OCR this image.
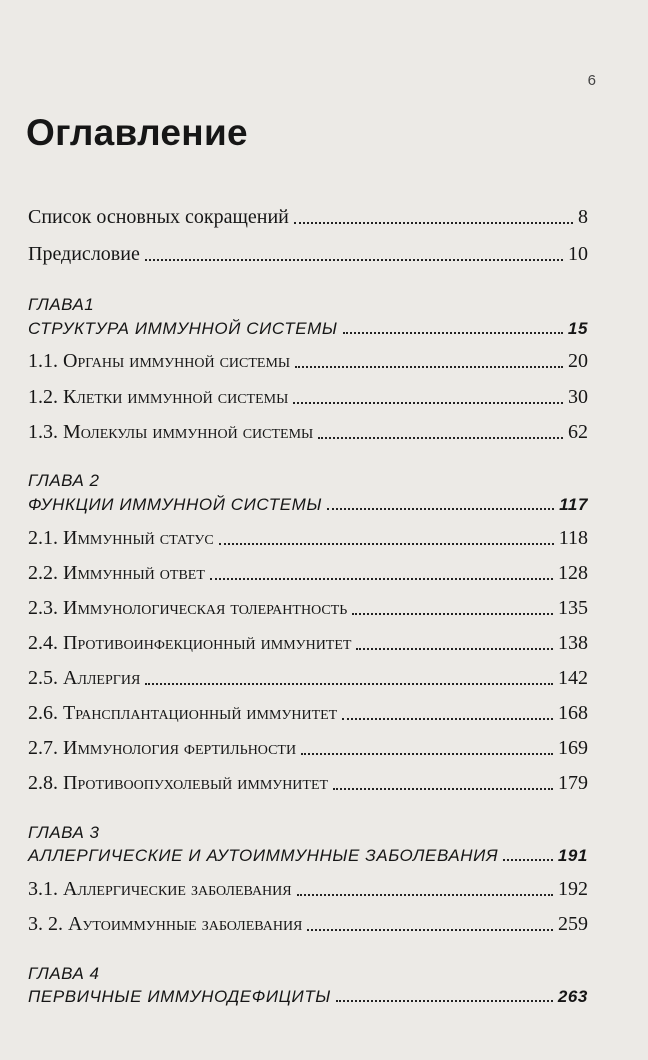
6
Оглавление
Список основных сокращений	8
Предисловие	10
ГЛАВА1
СТРУКТУРА ИММУННОЙ СИСТЕМЫ	15
1.1. Органы иммунной системы	20
1.2. Клетки иммунной системы	30
1.3. Молекулы иммунной системы	62
ГЛАВА 2
ФУНКЦИИ ИММУННОЙ СИСТЕМЫ	117
2.1. Иммунный статус	118
2.2. Иммунный ответ	128
2.3. Иммунологическая толерантность	135
2.4. Противоинфекционный иммунитет	138
2.5. Аллергия	142
2.6. Трансплантационный иммунитет	168
2.7. Иммунология фертильности	169
2.8. Противоопухолевый иммунитет	179
ГЛАВА 3
АЛЛЕРГИЧЕСКИЕ И АУТОИММУННЫЕ ЗАБОЛЕВАНИЯ	191
3.1. Аллергические заболевания	192
3. 2. Аутоиммунные заболевания	259
ГЛАВА 4
ПЕРВИЧНЫЕ ИММУНОДЕФИЦИТЫ	263
